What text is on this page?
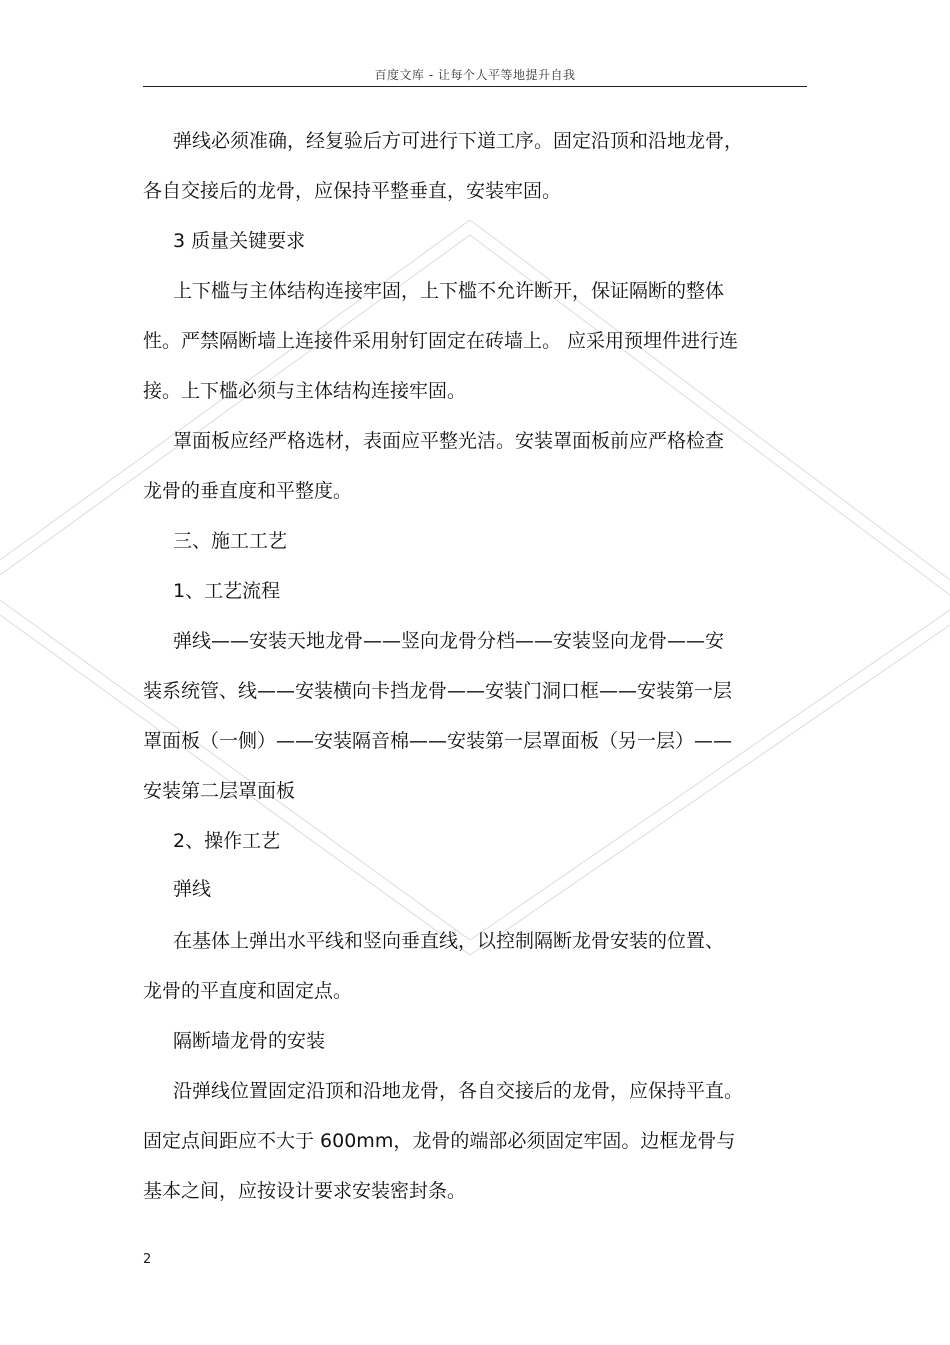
百度文库 - 让每个人平等地提升自我
弹线必须准确，经复验后方可进行下道工序。固定沿顶和沿地龙骨，
各自交接后的龙骨，应保持平整垂直，安装牢固。
3 质量关键要求
上下槛与主体结构连接牢固，上下槛不允许断开，保证隔断的整体
性。严禁隔断墙上连接件采用射钉固定在砖墙上。 应采用预埋件进行连
接。上下槛必须与主体结构连接牢固。
罩面板应经严格选材，表面应平整光洁。安装罩面板前应严格检查
龙骨的垂直度和平整度。
三、施工工艺
1、工艺流程
弹线——安装天地龙骨——竖向龙骨分档——安装竖向龙骨——安
装系统管、线——安装横向卡挡龙骨——安装门洞口框——安装第一层
罩面板（一侧）——安装隔音棉——安装第一层罩面板（另一层）——
安装第二层罩面板
2、操作工艺
弹线
在基体上弹出水平线和竖向垂直线，以控制隔断龙骨安装的位置、
龙骨的平直度和固定点。
隔断墙龙骨的安装
沿弹线位置固定沿顶和沿地龙骨，各自交接后的龙骨，应保持平直。
固定点间距应不大于 600mm，龙骨的端部必须固定牢固。边框龙骨与
基本之间，应按设计要求安装密封条。
2
